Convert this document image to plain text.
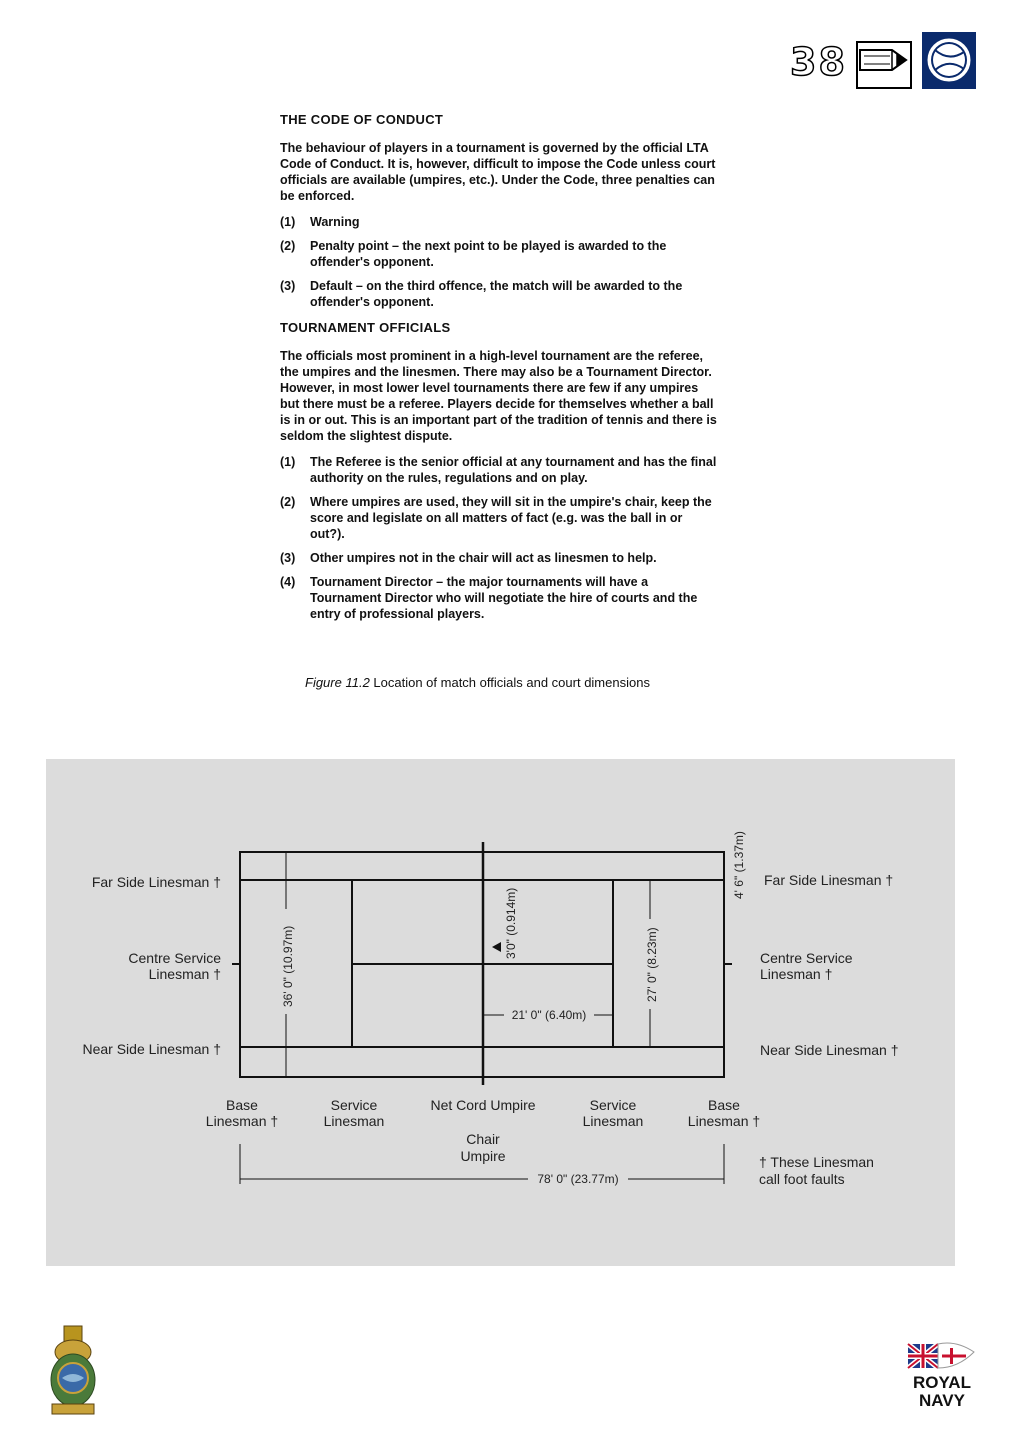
38
THE CODE OF CONDUCT

The behaviour of players in a tournament is governed by the official LTA Code of Conduct. It is, however, difficult to impose the Code unless court officials are available (umpires, etc.). Under the Code, three penalties can be enforced.

(1)	Warning
(2)	Penalty point – the next point to be played is awarded to the offender's opponent.
(3)	Default – on the third offence, the match will be awarded to the offender's opponent.
TOURNAMENT OFFICIALS

The officials most prominent in a high-level tournament are the referee, the umpires and the linesmen. There may also be a Tournament Director. However, in most lower level tournaments there are few if any umpires but there must be a referee. Players decide for themselves whether a ball is in or out. This is an important part of the tradition of tennis and there is seldom the slightest dispute.

(1)	The Referee is the senior official at any tournament and has the final authority on the rules, regulations and on play.
(2)	Where umpires are used, they will sit in the umpire's chair, keep the score and legislate on all matters of fact (e.g. was the ball in or out?).
(3)	Other umpires not in the chair will act as linesmen to help.
(4)	Tournament Director – the major tournaments will have a Tournament Director who will negotiate the hire of courts and the entry of professional players.
Figure 11.2 Location of match officials and court dimensions
4' 6" (1.37m)
36' 0" (10.97m)
3'0" (0.914m)
27' 0" (8.23m)
21' 0" (6.40m)
78' 0" (23.77m)
Far Side Linesman †
Centre Service
Linesman †
Near Side Linesman †
Far Side Linesman †
Centre Service
Linesman †
Near Side Linesman †
Base
Linesman †
Service
Linesman
Net Cord Umpire	Service
Linesman
Base
Linesman †
Chair
Umpire	† These Linesman
call foot faults
ROYAL
NAVY
